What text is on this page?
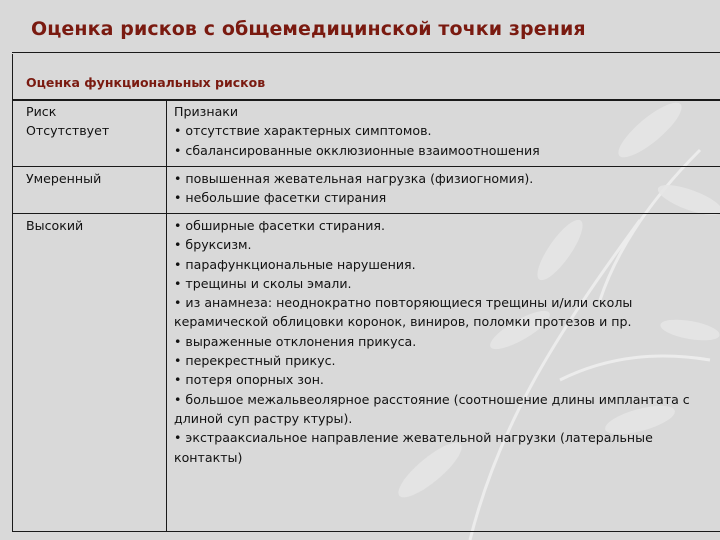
Оценка рисков с общемедицинской точки зрения
Оценка функциональных рисков
Риск
Отсутствует
Признаки
• отсутствие характерных симптомов.
• сбалансированные окклюзионные взаимоотношения
Умеренный	• повышенная жевательная нагрузка (физиогномия).
• небольшие фасетки стирания
Высокий	• обширные фасетки стирания.
• бруксизм.
• парафункциональные нарушения.
• трещины и сколы эмали.
• из анамнеза: неоднократно повторяющиеся трещины и/или сколы керамической облицовки коронок, виниров, поломки протезов и пр.
• выраженные отклонения прикуса.
• перекрестный прикус.
• потеря опорных зон.
• большое межальвеолярное расстояние (соотношение длины имплантата с длиной суп растру ктуры).
• экстрааксиальное направление жевательной нагрузки (латеральные контакты)
